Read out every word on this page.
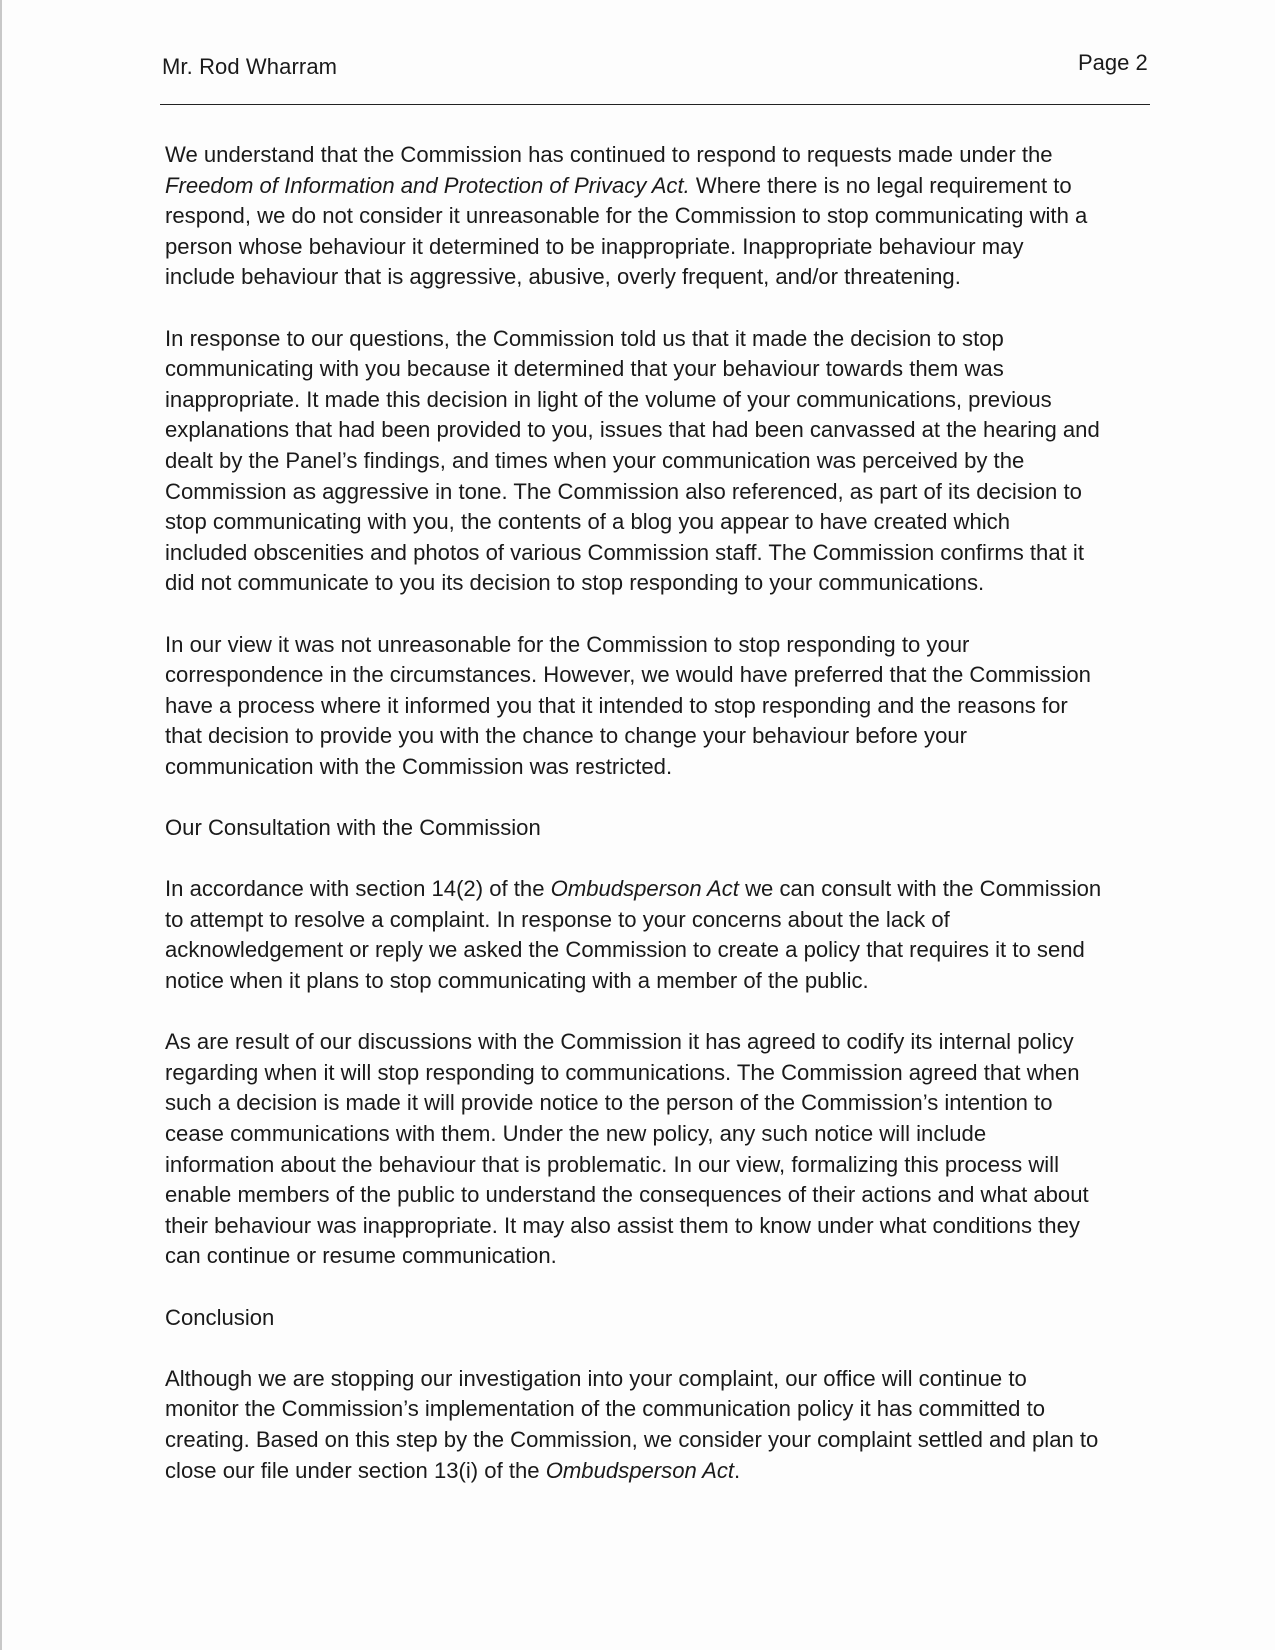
Mr. Rod Wharram	Page 2

We understand that the Commission has continued to respond to requests made under the
Freedom of Information and Protection of Privacy Act. Where there is no legal requirement to
respond, we do not consider it unreasonable for the Commission to stop communicating with a
person whose behaviour it determined to be inappropriate. Inappropriate behaviour may
include behaviour that is aggressive, abusive, overly frequent, and/or threatening.

In response to our questions, the Commission told us that it made the decision to stop
communicating with you because it determined that your behaviour towards them was
inappropriate. It made this decision in light of the volume of your communications, previous
explanations that had been provided to you, issues that had been canvassed at the hearing and
dealt by the Panel’s findings, and times when your communication was perceived by the
Commission as aggressive in tone. The Commission also referenced, as part of its decision to
stop communicating with you, the contents of a blog you appear to have created which
included obscenities and photos of various Commission staff. The Commission confirms that it
did not communicate to you its decision to stop responding to your communications.

In our view it was not unreasonable for the Commission to stop responding to your
correspondence in the circumstances. However, we would have preferred that the Commission
have a process where it informed you that it intended to stop responding and the reasons for
that decision to provide you with the chance to change your behaviour before your
communication with the Commission was restricted.

Our Consultation with the Commission

In accordance with section 14(2) of the Ombudsperson Act we can consult with the Commission
to attempt to resolve a complaint. In response to your concerns about the lack of
acknowledgement or reply we asked the Commission to create a policy that requires it to send
notice when it plans to stop communicating with a member of the public.

As are result of our discussions with the Commission it has agreed to codify its internal policy
regarding when it will stop responding to communications. The Commission agreed that when
such a decision is made it will provide notice to the person of the Commission’s intention to
cease communications with them. Under the new policy, any such notice will include
information about the behaviour that is problematic. In our view, formalizing this process will
enable members of the public to understand the consequences of their actions and what about
their behaviour was inappropriate. It may also assist them to know under what conditions they
can continue or resume communication.

Conclusion

Although we are stopping our investigation into your complaint, our office will continue to
monitor the Commission’s implementation of the communication policy it has committed to
creating. Based on this step by the Commission, we consider your complaint settled and plan to
close our file under section 13(i) of the Ombudsperson Act.
